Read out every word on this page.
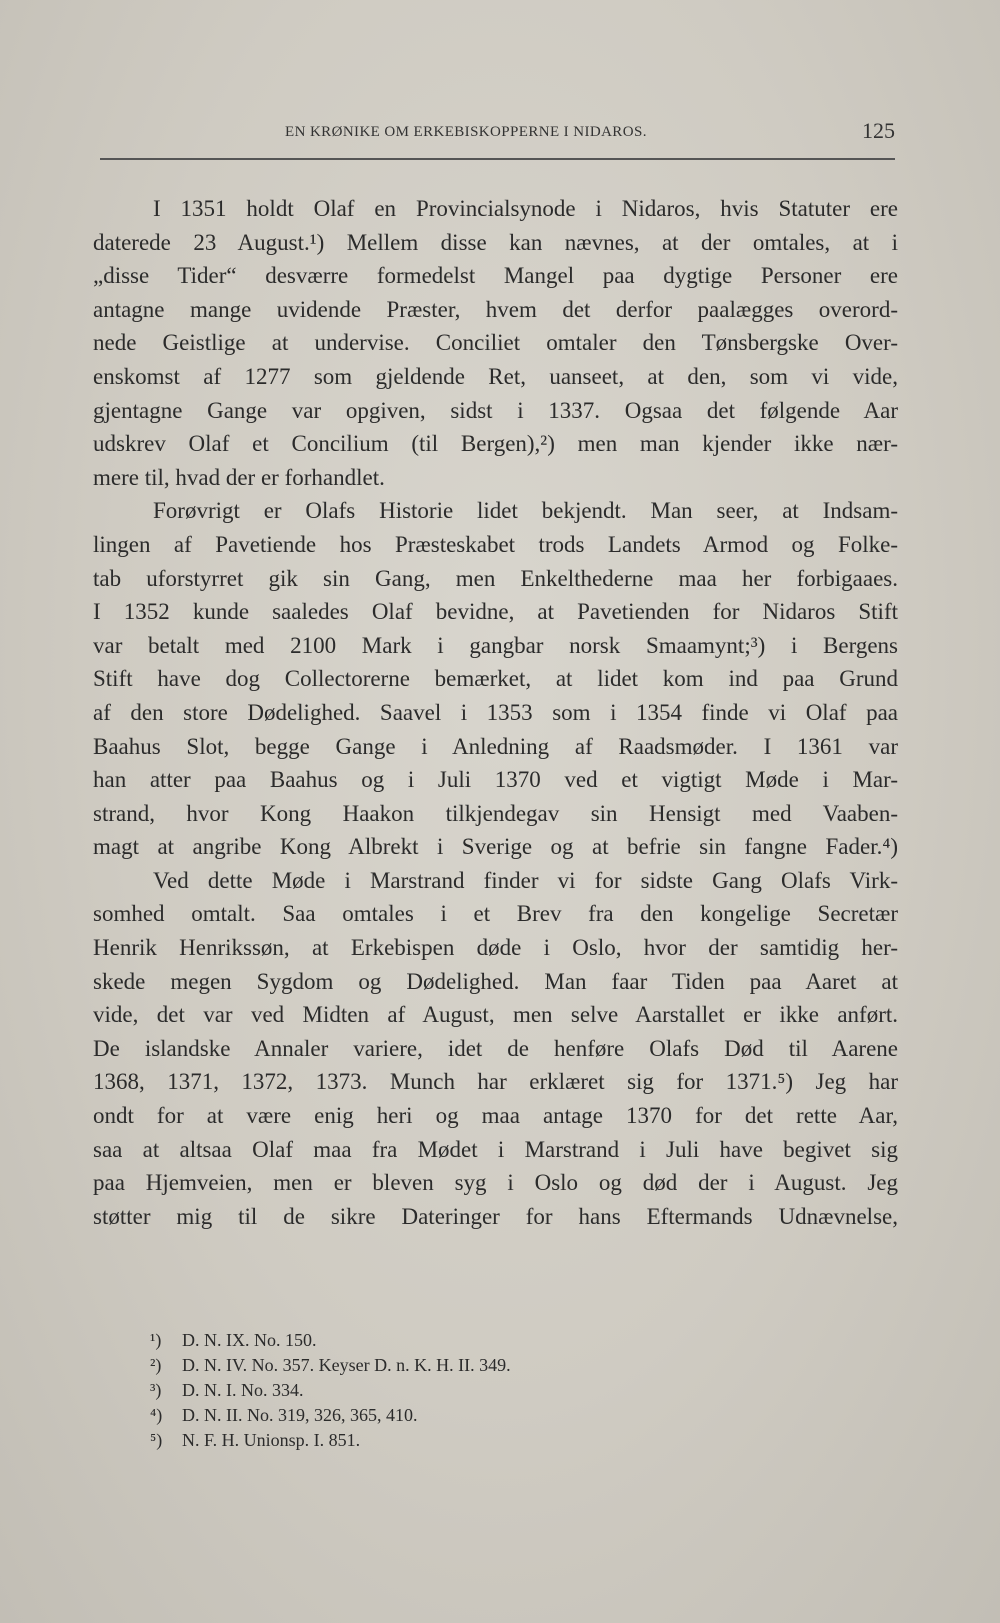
EN KRØNIKE OM ERKEBISKOPPERNE I NIDAROS.	125
I 1351 holdt Olaf en Provincialsynode i Nidaros, hvis Statuter ere
daterede 23 August.¹) Mellem disse kan nævnes, at der omtales, at i
„disse Tider“ desværre formedelst Mangel paa dygtige Personer ere
antagne mange uvidende Præster, hvem det derfor paalægges overord-
nede Geistlige at undervise. Conciliet omtaler den Tønsbergske Over-
enskomst af 1277 som gjeldende Ret, uanseet, at den, som vi vide,
gjentagne Gange var opgiven, sidst i 1337. Ogsaa det følgende Aar
udskrev Olaf et Concilium (til Bergen),²) men man kjender ikke nær-
mere til, hvad der er forhandlet.
Forøvrigt er Olafs Historie lidet bekjendt. Man seer, at Indsam-
lingen af Pavetiende hos Præsteskabet trods Landets Armod og Folke-
tab uforstyrret gik sin Gang, men Enkelthederne maa her forbigaaes.
I 1352 kunde saaledes Olaf bevidne, at Pavetienden for Nidaros Stift
var betalt med 2100 Mark i gangbar norsk Smaamynt;³) i Bergens
Stift have dog Collectorerne bemærket, at lidet kom ind paa Grund
af den store Dødelighed. Saavel i 1353 som i 1354 finde vi Olaf paa
Baahus Slot, begge Gange i Anledning af Raadsmøder. I 1361 var
han atter paa Baahus og i Juli 1370 ved et vigtigt Møde i Mar-
strand, hvor Kong Haakon tilkjendegav sin Hensigt med Vaaben-
magt at angribe Kong Albrekt i Sverige og at befrie sin fangne Fader.⁴)
Ved dette Møde i Marstrand finder vi for sidste Gang Olafs Virk-
somhed omtalt. Saa omtales i et Brev fra den kongelige Secretær
Henrik Henrikssøn, at Erkebispen døde i Oslo, hvor der samtidig her-
skede megen Sygdom og Dødelighed. Man faar Tiden paa Aaret at
vide, det var ved Midten af August, men selve Aarstallet er ikke anført.
De islandske Annaler variere, idet de henføre Olafs Død til Aarene
1368, 1371, 1372, 1373. Munch har erklæret sig for 1371.⁵) Jeg har
ondt for at være enig heri og maa antage 1370 for det rette Aar,
saa at altsaa Olaf maa fra Mødet i Marstrand i Juli have begivet sig
paa Hjemveien, men er bleven syg i Oslo og død der i August. Jeg
støtter mig til de sikre Dateringer for hans Eftermands Udnævnelse,
¹) D. N. IX. No. 150.
²) D. N. IV. No. 357. Keyser D. n. K. H. II. 349.
³) D. N. I. No. 334.
⁴) D. N. II. No. 319, 326, 365, 410.
⁵) N. F. H. Unionsp. I. 851.
